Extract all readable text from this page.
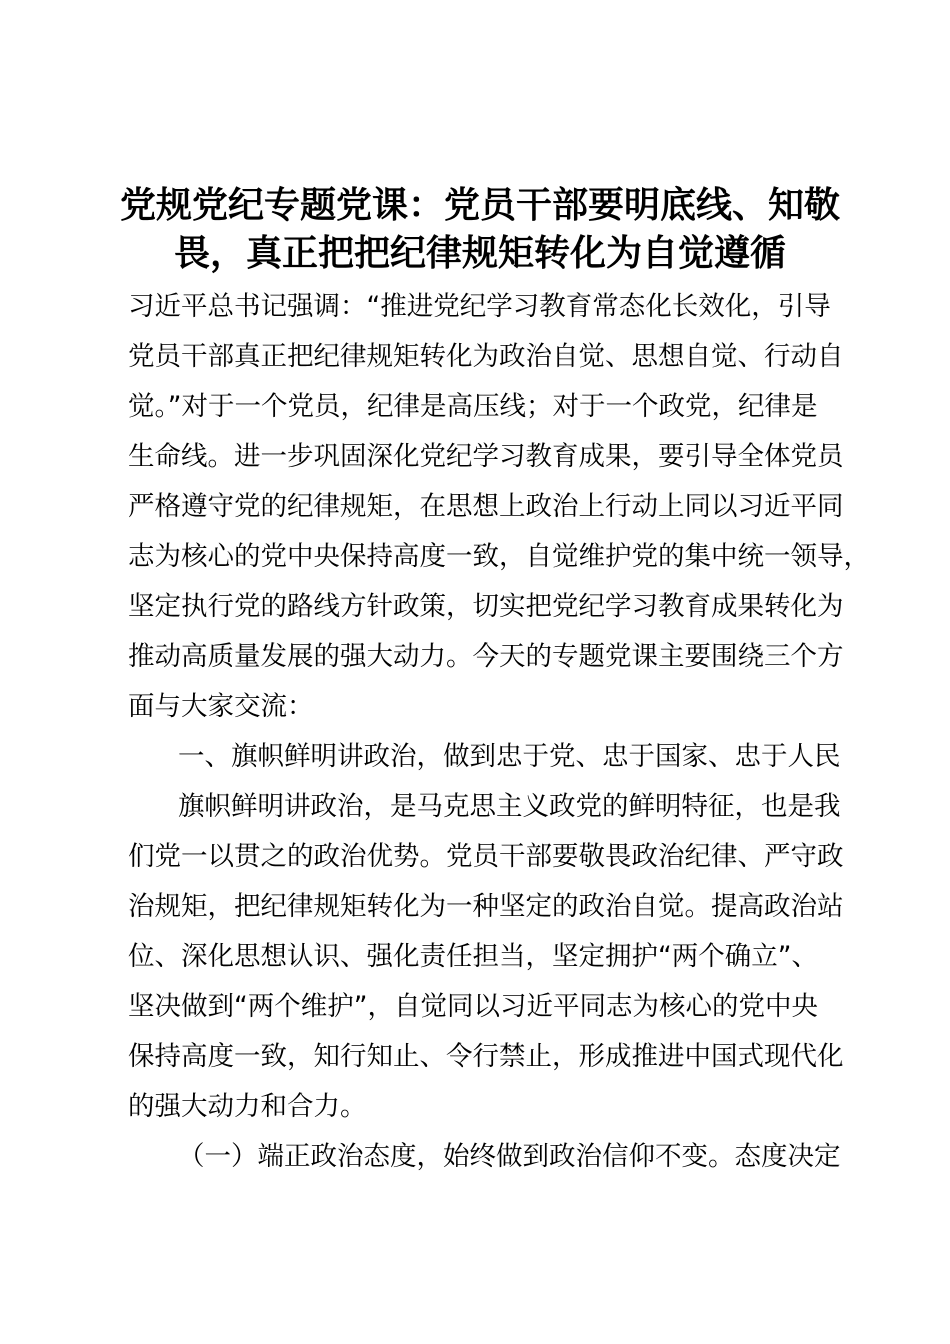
党规党纪专题党课：党员干部要明底线、知敬
畏，真正把把纪律规矩转化为自觉遵循
习近平总书记强调：“推进党纪学习教育常态化长效化，引导
党员干部真正把纪律规矩转化为政治自觉、思想自觉、行动自
觉。”对于一个党员，纪律是高压线；对于一个政党，纪律是
生命线。进一步巩固深化党纪学习教育成果，要引导全体党员
严格遵守党的纪律规矩，在思想上政治上行动上同以习近平同
志为核心的党中央保持高度一致，自觉维护党的集中统一领导，
坚定执行党的路线方针政策，切实把党纪学习教育成果转化为
推动高质量发展的强大动力。今天的专题党课主要围绕三个方
面与大家交流：
一、旗帜鲜明讲政治，做到忠于党、忠于国家、忠于人民
旗帜鲜明讲政治，是马克思主义政党的鲜明特征，也是我
们党一以贯之的政治优势。党员干部要敬畏政治纪律、严守政
治规矩，把纪律规矩转化为一种坚定的政治自觉。提高政治站
位、深化思想认识、强化责任担当，坚定拥护“两个确立”、
坚决做到“两个维护”，自觉同以习近平同志为核心的党中央
保持高度一致，知行知止、令行禁止，形成推进中国式现代化
的强大动力和合力。
（一）端正政治态度，始终做到政治信仰不变。态度决定
